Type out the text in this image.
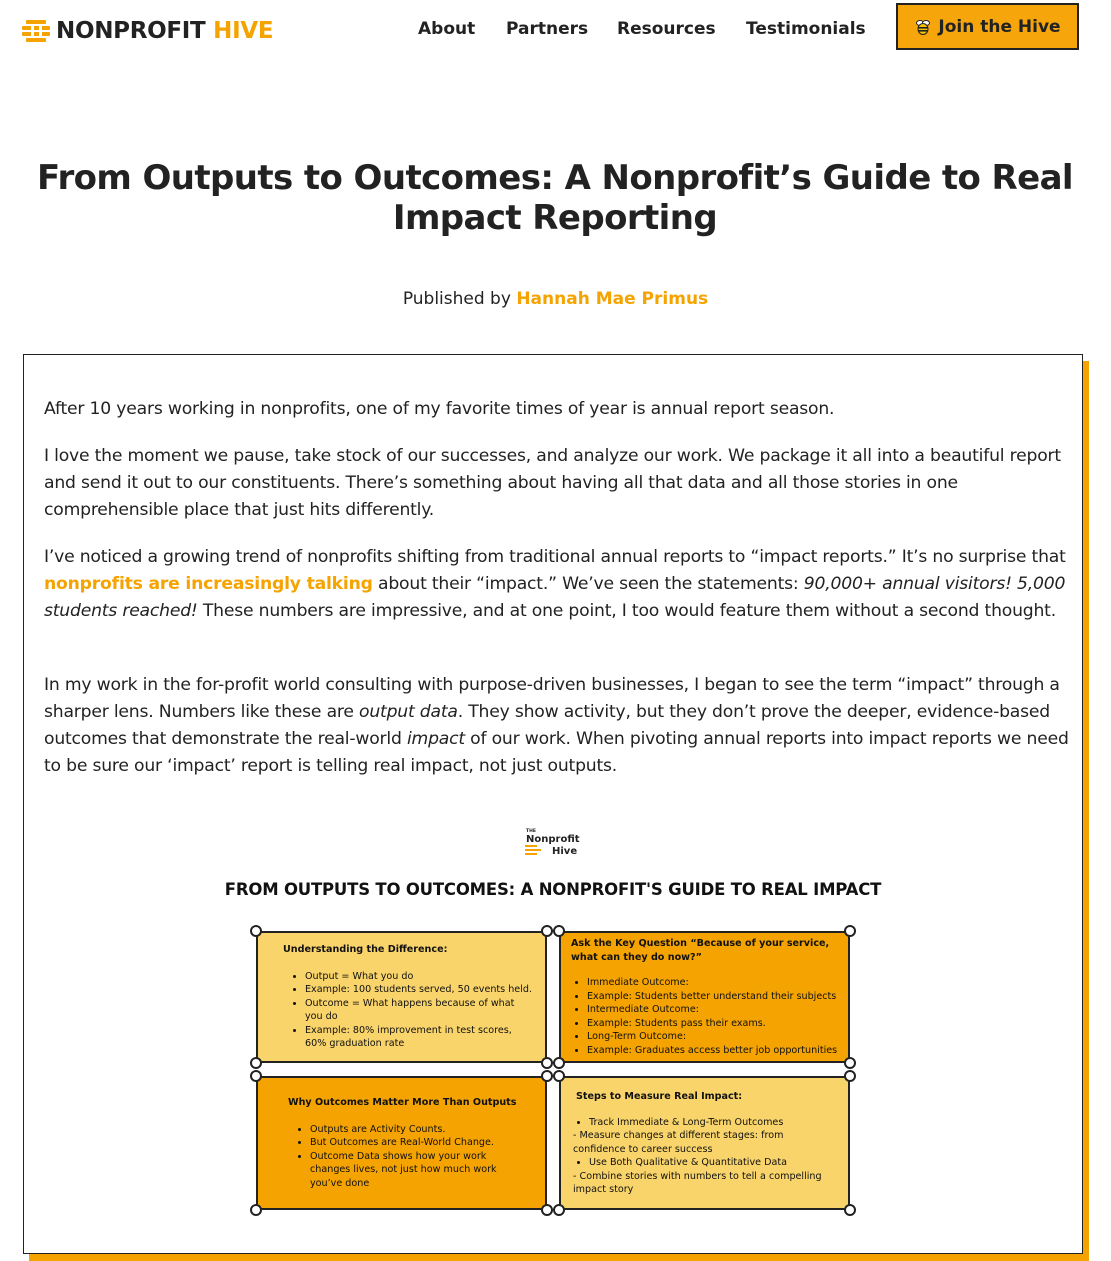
NONPROFIT HIVE	About Partners Resources Testimonials	Join the Hive
From Outputs to Outcomes: A Nonprofit’s Guide to Real Impact Reporting
Published by Hannah Mae Primus

After 10 years working in nonprofits, one of my favorite times of year is annual report season.

I love the moment we pause, take stock of our successes, and analyze our work. We package it all into a beautiful report and send it out to our constituents. There’s something about having all that data and all those stories in one comprehensible place that just hits differently.

I’ve noticed a growing trend of nonprofits shifting from traditional annual reports to “impact reports.” It’s no surprise that nonprofits are increasingly talking about their “impact.” We’ve seen the statements: 90,000+ annual visitors! 5,000 students reached! These numbers are impressive, and at one point, I too would feature them without a second thought.

In my work in the for-profit world consulting with purpose-driven businesses, I began to see the term “impact” through a sharper lens. Numbers like these are output data. They show activity, but they don’t prove the deeper, evidence-based outcomes that demonstrate the real-world impact of our work. When pivoting annual reports into impact reports we need to be sure our ‘impact’ report is telling real impact, not just outputs.

THE
Nonprofit
Hive
FROM OUTPUTS TO OUTCOMES: A NONPROFIT'S GUIDE TO REAL IMPACT
Understanding the Difference:
• Output = What you do
• Example: 100 students served, 50 events held.
• Outcome = What happens because of what you do
• Example: 80% improvement in test scores, 60% graduation rate
Ask the Key Question “Because of your service, what can they do now?”
• Immediate Outcome:
• Example: Students better understand their subjects
• Intermediate Outcome:
• Example: Students pass their exams.
• Long-Term Outcome:
• Example: Graduates access better job opportunities
Why Outcomes Matter More Than Outputs
• Outputs are Activity Counts.
• But Outcomes are Real-World Change.
• Outcome Data shows how your work changes lives, not just how much work you’ve done
Steps to Measure Real Impact:
• Track Immediate & Long-Term Outcomes

- Measure changes at different stages: from confidence to career success

• Use Both Qualitative & Quantitative Data

- Combine stories with numbers to tell a compelling impact story
